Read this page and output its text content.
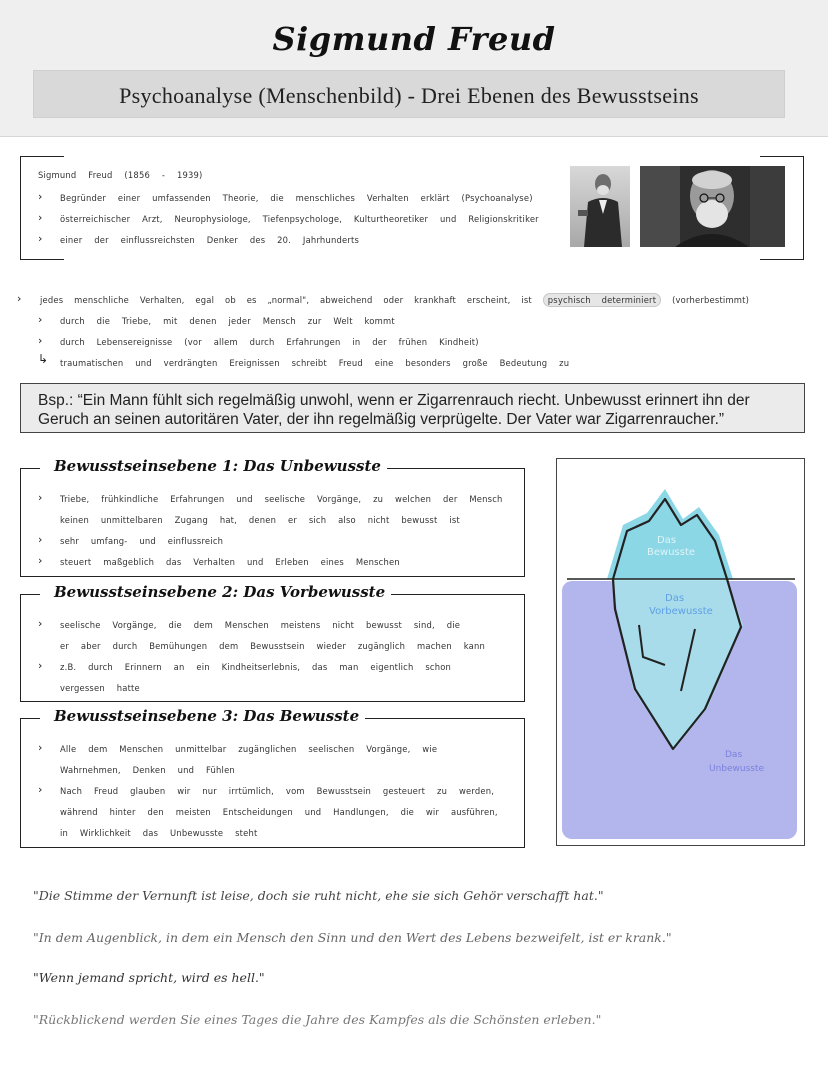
Sigmund Freud
Psychoanalyse (Menschenbild) - Drei Ebenen des Bewusstseins
Sigmund Freud (1856 - 1939)
› Begründer einer umfassenden Theorie, die menschliches Verhalten erklärt (Psychoanalyse)
› österreichischer Arzt, Neurophysiologe, Tiefenpsychologe, Kulturtheoretiker und Religionskritiker
› einer der einflussreichsten Denker des 20. Jahrhunderts
› jedes menschliche Verhalten, egal ob es „normal", abweichend oder krankhaft erscheint, ist psychisch determiniert (vorherbestimmt)
› durch die Triebe, mit denen jeder Mensch zur Welt kommt
› durch Lebensereignisse (vor allem durch Erfahrungen in der frühen Kindheit)
↳ traumatischen und verdrängten Ereignissen schreibt Freud eine besonders große Bedeutung zu
Bsp.: “Ein Mann fühlt sich regelmäßig unwohl, wenn er Zigarrenrauch riecht. Unbewusst erinnert ihn der Geruch an seinen autoritären Vater, der ihn regelmäßig verprügelte. Der Vater war Zigarrenraucher.”
Bewusstseinsebene 1: Das Unbewusste
› Triebe, frühkindliche Erfahrungen und seelische Vorgänge, zu welchen der Mensch
keinen unmittelbaren Zugang hat, denen er sich also nicht bewusst ist
› sehr umfang- und einflussreich
› steuert maßgeblich das Verhalten und Erleben eines Menschen
Bewusstseinsebene 2: Das Vorbewusste
› seelische Vorgänge, die dem Menschen meistens nicht bewusst sind, die
er aber durch Bemühungen dem Bewusstsein wieder zugänglich machen kann
› z.B. durch Erinnern an ein Kindheitserlebnis, das man eigentlich schon
vergessen hatte
Bewusstseinsebene 3: Das Bewusste
› Alle dem Menschen unmittelbar zugänglichen seelischen Vorgänge, wie
Wahrnehmen, Denken und Fühlen
› Nach Freud glauben wir nur irrtümlich, vom Bewusstsein gesteuert zu werden,
während hinter den meisten Entscheidungen und Handlungen, die wir ausführen,
in Wirklichkeit das Unbewusste steht
Das
Bewusste
Das
Vorbewusste
Das
Unbewusste
"Die Stimme der Vernunft ist leise, doch sie ruht nicht, ehe sie sich Gehör verschafft hat."
"In dem Augenblick, in dem ein Mensch den Sinn und den Wert des Lebens bezweifelt, ist er krank."
"Wenn jemand spricht, wird es hell."
"Rückblickend werden Sie eines Tages die Jahre des Kampfes als die Schönsten erleben."
